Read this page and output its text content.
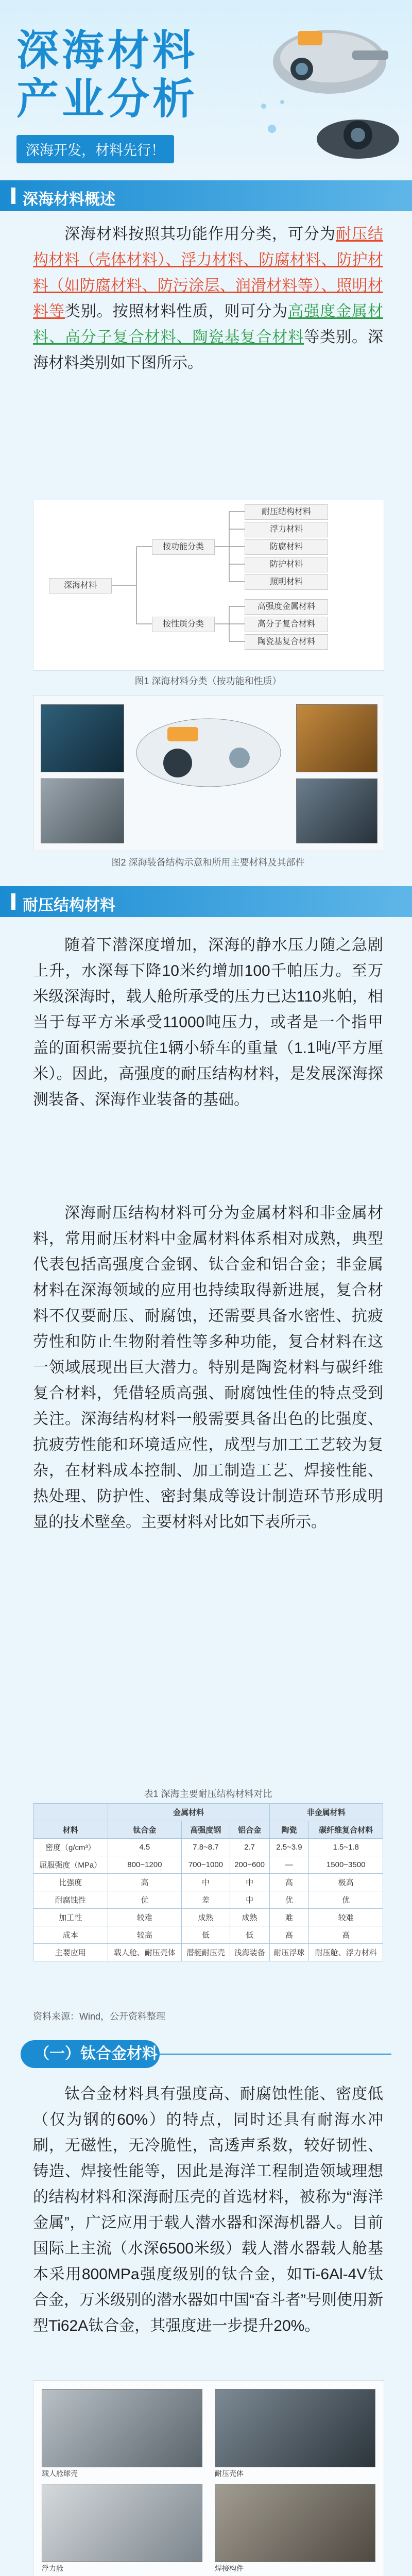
深海材料
产业分析
深海开发，材料先行！
深海材料概述

深海材料按照其功能作用分类，可分为耐压结构材料（壳体材料）、浮力材料、防腐材料、防护材料（如防腐材料、防污涂层、润滑材料等）、照明材料等类别。按照材料性质，则可分为高强度金属材料、高分子复合材料、陶瓷基复合材料等类别。深海材料类别如下图所示。

深海材料
按功能分类
按性质分类
耐压结构材料
浮力材料
防腐材料
防护材料
照明材料
高强度金属材料
高分子复合材料
陶瓷基复合材料
图1 深海材料分类（按功能和性质）
图2 深海装备结构示意和所用主要材料及其部件
耐压结构材料

随着下潜深度增加，深海的静水压力随之急剧上升，水深每下降10米约增加100千帕压力。至万米级深海时，载人舱所承受的压力已达110兆帕，相当于每平方米承受11000吨压力，或者是一个指甲盖的面积需要抗住1辆小轿车的重量（1.1吨/平方厘米）。因此，高强度的耐压结构材料，是发展深海探测装备、深海作业装备的基础。

深海耐压结构材料可分为金属材料和非金属材料，常用耐压材料中金属材料体系相对成熟，典型代表包括高强度合金钢、钛合金和铝合金；非金属材料在深海领域的应用也持续取得新进展，复合材料不仅要耐压、耐腐蚀，还需要具备水密性、抗疲劳性和防止生物附着性等多种功能，复合材料在这一领域展现出巨大潜力。特别是陶瓷材料与碳纤维复合材料，凭借轻质高强、耐腐蚀性佳的特点受到关注。深海结构材料一般需要具备出色的比强度、抗疲劳性能和环境适应性，成型与加工工艺较为复杂，在材料成本控制、加工制造工艺、焊接性能、热处理、防护性、密封集成等设计制造环节形成明显的技术壁垒。主要材料对比如下表所示。

表1 深海主要耐压结构材料对比
	金属材料			非金属材料	
材料	钛合金	高强度钢	铝合金	陶瓷	碳纤维复合材料
密度（g/cm³）	4.5	7.8~8.7	2.7	2.5~3.9	1.5~1.8
屈服强度（MPa）	800~1200	700~1000	200~600	—	1500~3500
比强度	高	中	中	高	极高
耐腐蚀性	优	差	中	优	优
加工性	较难	成熟	成熟	难	较难
成本	较高	低	低	高	高
主要应用	载人舱、耐压壳体	潜艇耐压壳	浅海装备	耐压浮球	耐压舱、浮力材料
资料来源：Wind，公开资料整理
（一）钛合金材料

钛合金材料具有强度高、耐腐蚀性能、密度低（仅为钢的60%）的特点，同时还具有耐海水冲刷，无磁性，无冷脆性，高透声系数，较好韧性、铸造、焊接性能等，因此是海洋工程制造领域理想的结构材料和深海耐压壳的首选材料，被称为“海洋金属”，广泛应用于载人潜水器和深海机器人。目前国际上主流（水深6500米级）载人潜水器载人舱基本采用800MPa强度级别的钛合金，如Ti-6Al-4V钛合金，万米级别的潜水器如中国“奋斗者”号则使用新型Ti62A钛合金，其强度进一步提升20%。

载人舱球壳	耐压壳体
浮力舱	焊接构件
